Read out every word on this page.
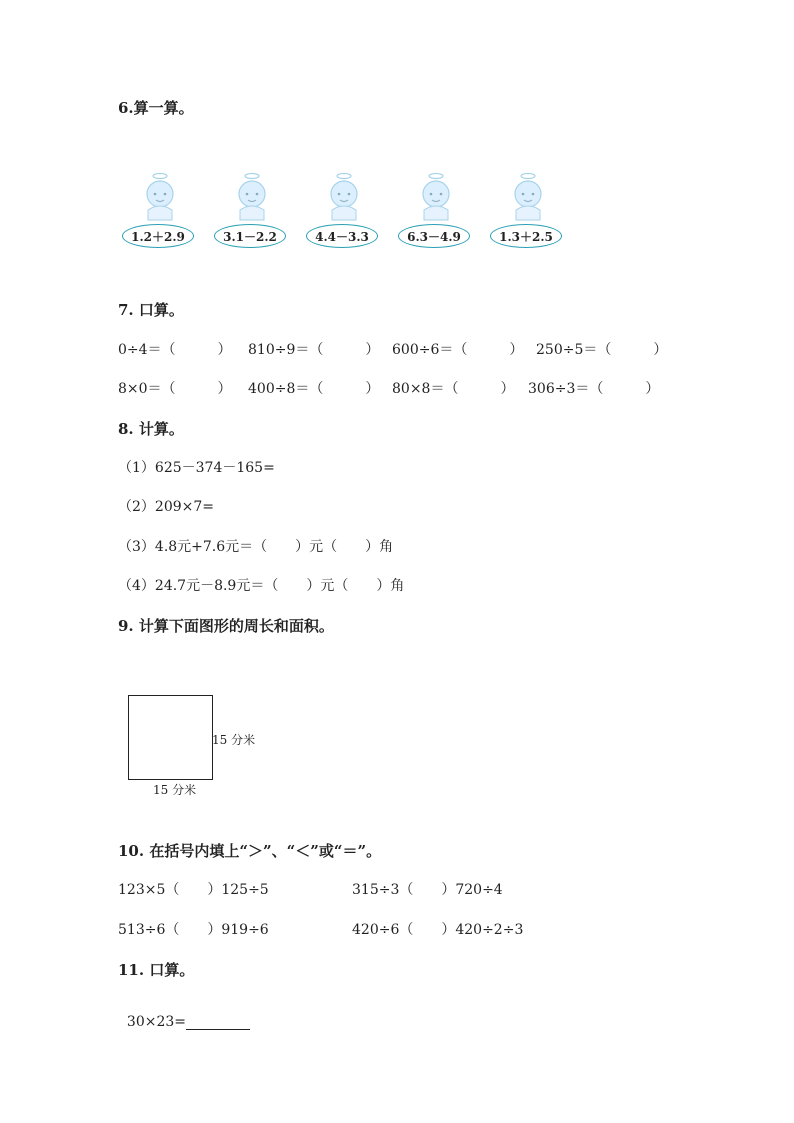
6.算一算。
1.2＋2.9	3.1－2.2	4.4－3.3	6.3－4.9	1.3＋2.5
7. 口算。
0÷4＝（　　　） 810÷9＝（　　　） 600÷6＝（　　　） 250÷5＝（　　　）
8×0＝（　　　） 400÷8＝（　　　） 80×8＝（　　　） 306÷3＝（　　　）
8. 计算。
（1）625－374－165=
（2）209×7=
（3）4.8元+7.6元＝（　　）元（　　）角
（4）24.7元－8.9元＝（　　）元（　　）角
9. 计算下面图形的周长和面积。
15 分米
15 分米
10. 在括号内填上“＞”、“＜”或“＝”。
123×5（　　）125÷5	315÷3（　　）720÷4
513÷6（　　）919÷6	420÷6（　　）420÷2÷3
11. 口算。

30×23=
